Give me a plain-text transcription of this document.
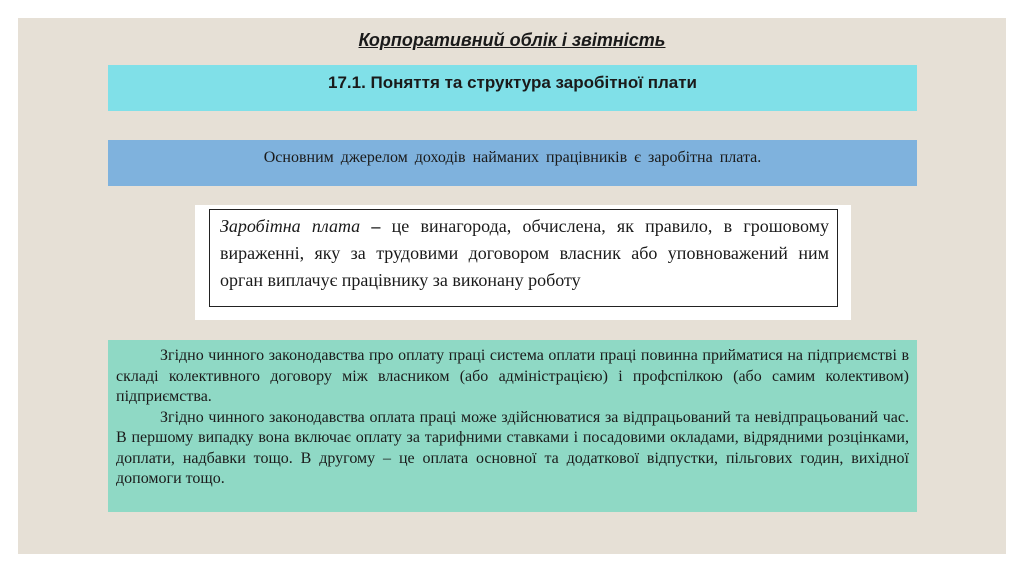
Корпоративний облік і звітність
17.1. Поняття та структура заробітної плати
Основним джерелом доходів найманих працівників є заробітна плата.
Заробітна плата – це винагорода, обчислена, як правило, в грошовому вираженні, яку за трудовими договором власник або уповноважений ним орган виплачує працівнику за виконану роботу

Згідно чинного законодавства про оплату праці система оплати праці повинна прийматися на підприємстві в складі колективного договору між власником (або адміністрацією) і профспілкою (або самим колективом) підприємства.

Згідно чинного законодавства оплата праці може здійснюватися за відпрацьований та невідпрацьований час. В першому випадку вона включає оплату за тарифними ставками і посадовими окладами, відрядними розцінками, доплати, надбавки тощо. В другому – це оплата основної та додаткової відпустки, пільгових годин, вихідної допомоги тощо.
